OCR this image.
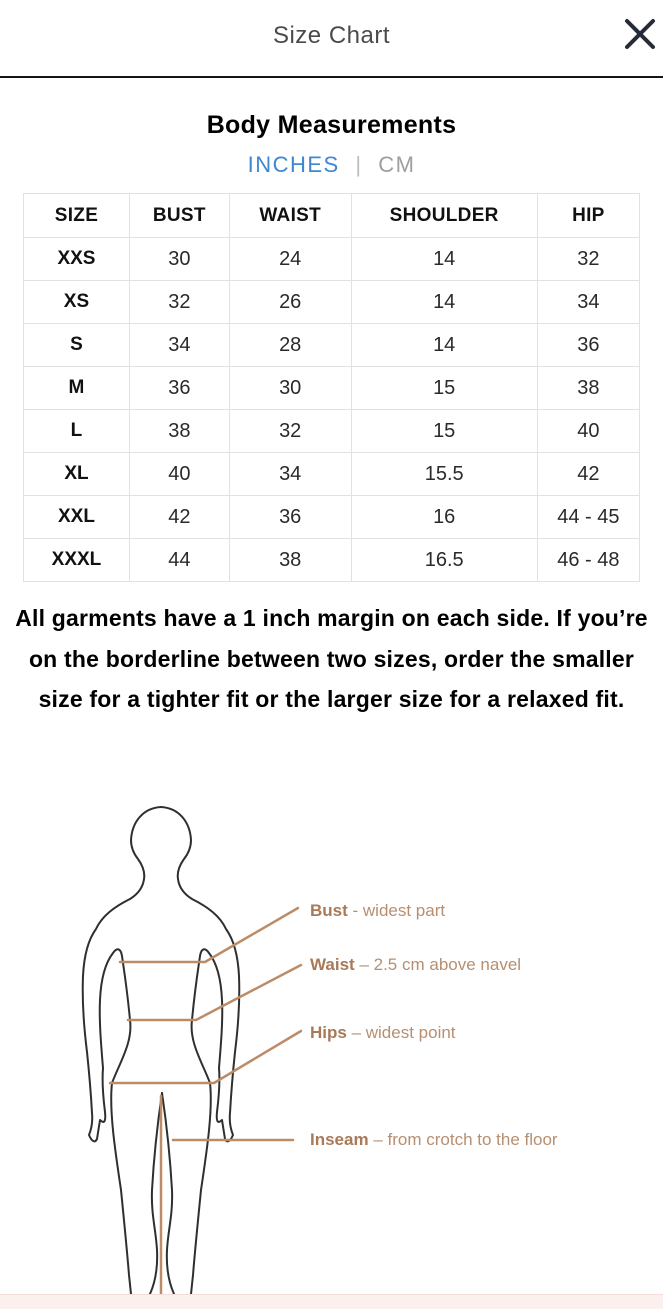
Size Chart
Body Measurements
INCHES | CM
SIZE	BUST	WAIST	SHOULDER	HIP
XXS	30	24	14	32
XS	32	26	14	34
S	34	28	14	36
M	36	30	15	38
L	38	32	15	40
XL	40	34	15.5	42
XXL	42	36	16	44 - 45
XXXL	44	38	16.5	46 - 48

All garments have a 1 inch margin on each side. If you’re on the borderline between two sizes, order the smaller size for a tighter fit or the larger size for a relaxed fit.

Bust - widest part
Waist – 2.5 cm above navel
Hips – widest point
Inseam – from crotch to the floor
